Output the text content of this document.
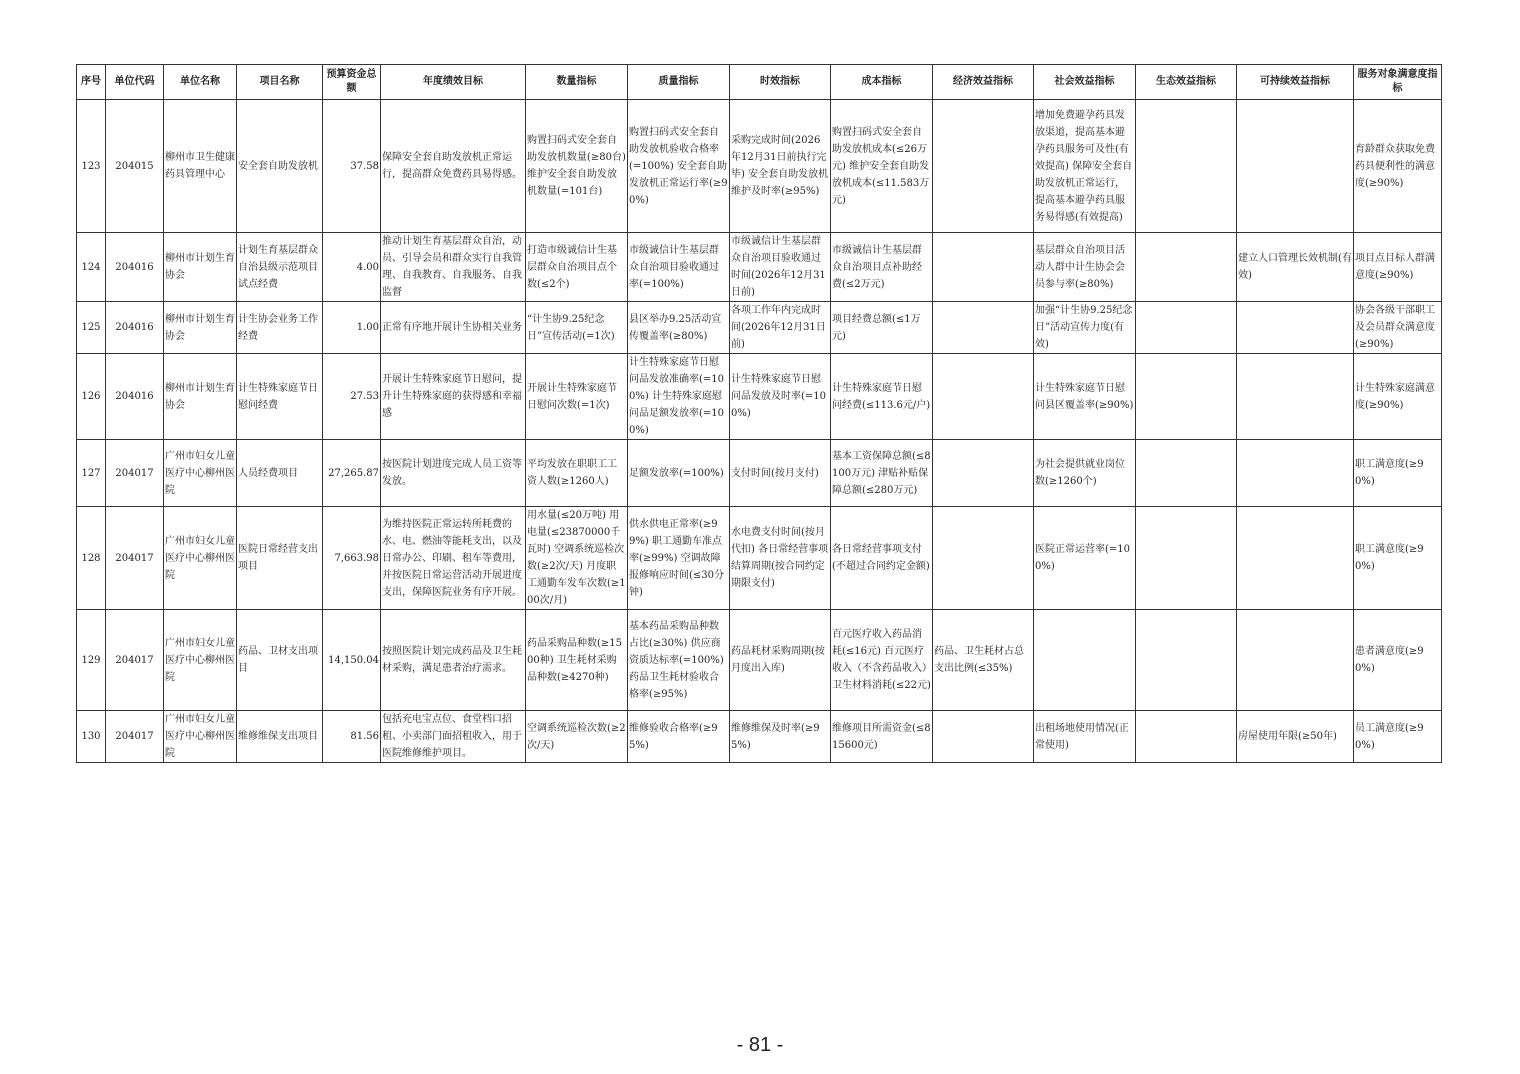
序号	单位代码	单位名称	项目名称	预算资金总额	年度绩效目标	数量指标	质量指标	时效指标	成本指标	经济效益指标	社会效益指标	生态效益指标	可持续效益指标	服务对象满意度指标
123	204015	柳州市卫生健康药具管理中心	安全套自助发放机	37.58	保障安全套自助发放机正常运行，提高群众免费药具易得感。	购置扫码式安全套自助发放机数量(≥80台) 维护安全套自助发放机数量(=101台)	购置扫码式安全套自助发放机验收合格率(=100%) 安全套自助发放机正常运行率(≥90%)	采购完成时间(2026年12月31日前执行完毕) 安全套自助发放机维护及时率(≥95%)	购置扫码式安全套自助发放机成本(≤26万元) 维护安全套自助发放机成本(≤11.583万元)		增加免费避孕药具发放渠道，提高基本避孕药具服务可及性(有效提高) 保障安全套自助发放机正常运行，提高基本避孕药具服务易得感(有效提高)			育龄群众获取免费药具便利性的满意度(≥90%)
124	204016	柳州市计划生育协会	计划生育基层群众自治县级示范项目试点经费	4.00	推动计划生育基层群众自治，动员、引导会员和群众实行自我管理、自我教育、自我服务、自我监督	打造市级诚信计生基层群众自治项目点个数(≤2个)	市级诚信计生基层群众自治项目验收通过率(=100%)	市级诚信计生基层群众自治项目验收通过时间(2026年12月31日前)	市级诚信计生基层群众自治项目点补助经费(≤2万元)		基层群众自治项目活动人群中计生协会会员参与率(≥80%)		建立人口管理长效机制(有效)	项目点目标人群满意度(≥90%)
125	204016	柳州市计划生育协会	计生协会业务工作经费	1.00	正常有序地开展计生协相关业务	“计生协9.25纪念日”宣传活动(=1次)	县区举办9.25活动宣传覆盖率(≥80%)	各项工作年内完成时间(2026年12月31日前)	项目经费总额(≤1万元)		加强“计生协9.25纪念日”活动宣传力度(有效)			协会各级干部职工及会员群众满意度(≥90%)
126	204016	柳州市计划生育协会	计生特殊家庭节日慰问经费	27.53	开展计生特殊家庭节日慰问，提升计生特殊家庭的获得感和幸福感	开展计生特殊家庭节日慰问次数(=1次)	计生特殊家庭节日慰问品发放准确率(=100%) 计生特殊家庭慰问品足额发放率(=100%)	计生特殊家庭节日慰问品发放及时率(=100%)	计生特殊家庭节日慰问经费(≤113.6元/户)		计生特殊家庭节日慰问县区覆盖率(≥90%)			计生特殊家庭满意度(≥90%)
127	204017	广州市妇女儿童医疗中心柳州医院	人员经费项目	27,265.87	按医院计划进度完成人员工资等发放。	平均发放在职职工工资人数(≥1260人)	足额发放率(=100%)	支付时间(按月支付)	基本工资保障总额(≤8100万元) 津贴补贴保障总额(≤280万元)		为社会提供就业岗位数(≥1260个)			职工满意度(≥90%)
128	204017	广州市妇女儿童医疗中心柳州医院	医院日常经营支出项目	7,663.98	为维持医院正常运转所耗费的水、电、燃油等能耗支出，以及日常办公、印刷、租车等费用，并按医院日常运营活动开展进度支出，保障医院业务有序开展。	用水量(≤20万吨) 用电量(≤23870000千瓦时) 空调系统巡检次数(≥2次/天) 月度职工通勤车发车次数(≥100次/月)	供水供电正常率(≥99%) 职工通勤车准点率(≥99%) 空调故障报修响应时间(≤30分钟)	水电费支付时间(按月代扣) 各日常经营事项结算周期(按合同约定期限支付)	各日常经营事项支付(不超过合同约定金额)		医院正常运营率(=100%)			职工满意度(≥90%)
129	204017	广州市妇女儿童医疗中心柳州医院	药品、卫材支出项目	14,150.04	按照医院计划完成药品及卫生耗材采购，满足患者治疗需求。	药品采购品种数(≥1500种) 卫生耗材采购品种数(≥4270种)	基本药品采购品种数占比(≥30%) 供应商资质达标率(=100%) 药品卫生耗材验收合格率(≥95%)	药品耗材采购周期(按月度出入库)	百元医疗收入药品消耗(≤16元) 百元医疗收入（不含药品收入）卫生材料消耗(≤22元)	药品、卫生耗材占总支出比例(≤35%)				患者满意度(≥90%)
130	204017	广州市妇女儿童医疗中心柳州医院	维修维保支出项目	81.56	包括充电宝点位、食堂档口招租、小卖部门面招租收入，用于医院维修维护项目。	空调系统巡检次数(≥2次/天)	维修验收合格率(≥95%)	维修维保及时率(≥95%)	维修项目所需资金(≤815600元)		出租场地使用情况(正常使用)		房屋使用年限(≥50年)	员工满意度(≥90%)
- 81 -
